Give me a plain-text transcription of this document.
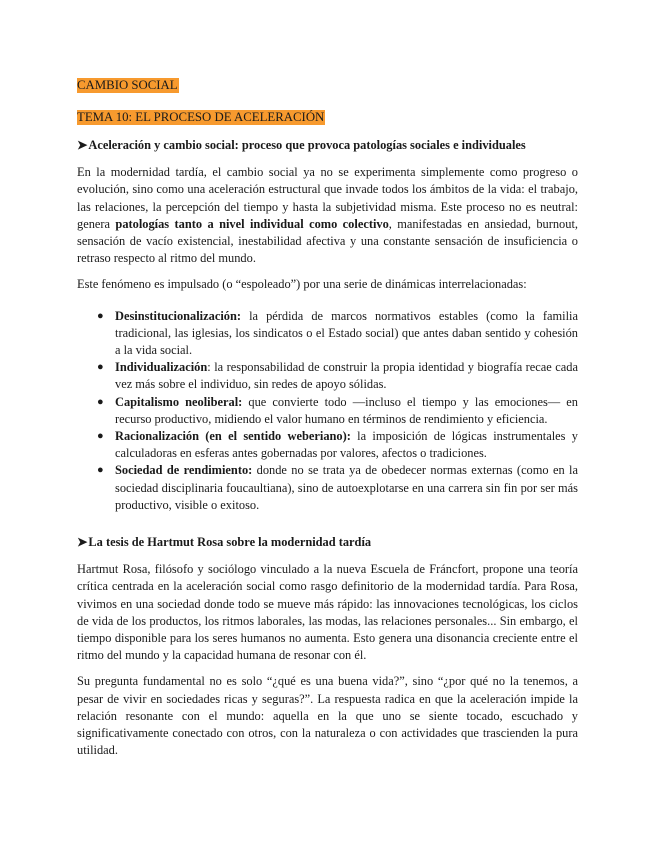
CAMBIO SOCIAL

TEMA 10: EL PROCESO DE ACELERACIÓN

➤Aceleración y cambio social: proceso que provoca patologías sociales e individuales

En la modernidad tardía, el cambio social ya no se experimenta simplemente como progreso o evolución, sino como una aceleración estructural que invade todos los ámbitos de la vida: el trabajo, las relaciones, la percepción del tiempo y hasta la subjetividad misma. Este proceso no es neutral: genera patologías tanto a nivel individual como colectivo, manifestadas en ansiedad, burnout, sensación de vacío existencial, inestabilidad afectiva y una constante sensación de insuficiencia o retraso respecto al ritmo del mundo.

Este fenómeno es impulsado (o “espoleado”) por una serie de dinámicas interrelacionadas:

● Desinstitucionalización: la pérdida de marcos normativos estables (como la familia tradicional, las iglesias, los sindicatos o el Estado social) que antes daban sentido y cohesión a la vida social.
● Individualización: la responsabilidad de construir la propia identidad y biografía recae cada vez más sobre el individuo, sin redes de apoyo sólidas.
● Capitalismo neoliberal: que convierte todo —incluso el tiempo y las emociones— en recurso productivo, midiendo el valor humano en términos de rendimiento y eficiencia.
● Racionalización (en el sentido weberiano): la imposición de lógicas instrumentales y calculadoras en esferas antes gobernadas por valores, afectos o tradiciones.
● Sociedad de rendimiento: donde no se trata ya de obedecer normas externas (como en la sociedad disciplinaria foucaultiana), sino de autoexplotarse en una carrera sin fin por ser más productivo, visible o exitoso.

➤La tesis de Hartmut Rosa sobre la modernidad tardía

Hartmut Rosa, filósofo y sociólogo vinculado a la nueva Escuela de Fráncfort, propone una teoría crítica centrada en la aceleración social como rasgo definitorio de la modernidad tardía. Para Rosa, vivimos en una sociedad donde todo se mueve más rápido: las innovaciones tecnológicas, los ciclos de vida de los productos, los ritmos laborales, las modas, las relaciones personales... Sin embargo, el tiempo disponible para los seres humanos no aumenta. Esto genera una disonancia creciente entre el ritmo del mundo y la capacidad humana de resonar con él.

Su pregunta fundamental no es solo “¿qué es una buena vida?”, sino “¿por qué no la tenemos, a pesar de vivir en sociedades ricas y seguras?”. La respuesta radica en que la aceleración impide la relación resonante con el mundo: aquella en la que uno se siente tocado, escuchado y significativamente conectado con otros, con la naturaleza o con actividades que trascienden la pura utilidad.
